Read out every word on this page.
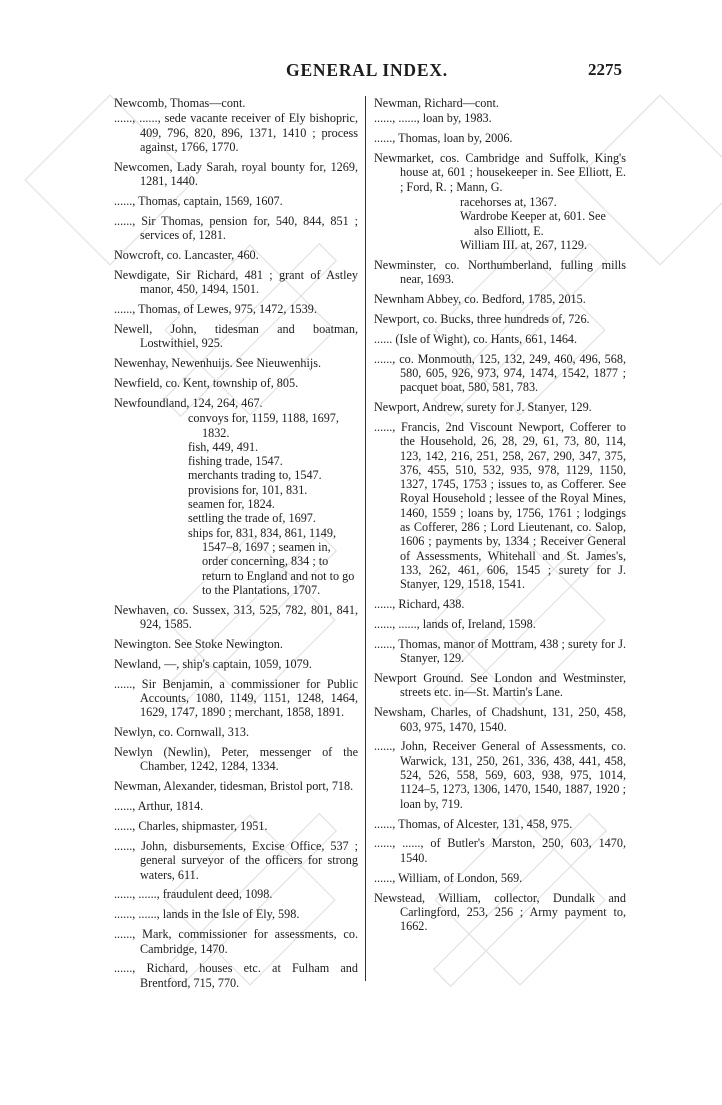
GENERAL INDEX.	2275

Newcomb, Thomas—cont.

......, ......, sede vacante receiver of Ely bishopric, 409, 796, 820, 896, 1371, 1410 ; process against, 1766, 1770.

Newcomen, Lady Sarah, royal bounty for, 1269, 1281, 1440.

......, Thomas, captain, 1569, 1607.

......, Sir Thomas, pension for, 540, 844, 851 ; services of, 1281.

Nowcroft, co. Lancaster, 460.

Newdigate, Sir Richard, 481 ; grant of Astley manor, 450, 1494, 1501.

......, Thomas, of Lewes, 975, 1472, 1539.

Newell, John, tidesman and boatman, Lostwithiel, 925.

Newenhay, Newenhuijs. See Nieuwenhijs.

Newfield, co. Kent, township of, 805.

Newfoundland, 124, 264, 467.

convoys for, 1159, 1188, 1697, 1832.

fish, 449, 491.

fishing trade, 1547.

merchants trading to, 1547.

provisions for, 101, 831.

seamen for, 1824.

settling the trade of, 1697.

ships for, 831, 834, 861, 1149, 1547–8, 1697 ; seamen in, order concerning, 834 ; to return to England and not to go to the Plantations, 1707.

Newhaven, co. Sussex, 313, 525, 782, 801, 841, 924, 1585.

Newington. See Stoke Newington.

Newland, —, ship's captain, 1059, 1079.

......, Sir Benjamin, a commissioner for Public Accounts, 1080, 1149, 1151, 1248, 1464, 1629, 1747, 1890 ; merchant, 1858, 1891.

Newlyn, co. Cornwall, 313.

Newlyn (Newlin), Peter, messenger of the Chamber, 1242, 1284, 1334.

Newman, Alexander, tidesman, Bristol port, 718.

......, Arthur, 1814.

......, Charles, shipmaster, 1951.

......, John, disbursements, Excise Office, 537 ; general surveyor of the officers for strong waters, 611.

......, ......, fraudulent deed, 1098.

......, ......, lands in the Isle of Ely, 598.

......, Mark, commissioner for assessments, co. Cambridge, 1470.

......, Richard, houses etc. at Fulham and Brentford, 715, 770.

Newman, Richard—cont.

......, ......, loan by, 1983.

......, Thomas, loan by, 2006.

Newmarket, cos. Cambridge and Suffolk, King's house at, 601 ; housekeeper in. See Elliott, E. ; Ford, R. ; Mann, G.

racehorses at, 1367.

Wardrobe Keeper at, 601. See also Elliott, E.

William III. at, 267, 1129.

Newminster, co. Northumberland, fulling mills near, 1693.

Newnham Abbey, co. Bedford, 1785, 2015.

Newport, co. Bucks, three hundreds of, 726.

...... (Isle of Wight), co. Hants, 661, 1464.

......, co. Monmouth, 125, 132, 249, 460, 496, 568, 580, 605, 926, 973, 974, 1474, 1542, 1877 ; pacquet boat, 580, 581, 783.

Newport, Andrew, surety for J. Stanyer, 129.

......, Francis, 2nd Viscount Newport, Cofferer to the Household, 26, 28, 29, 61, 73, 80, 114, 123, 142, 216, 251, 258, 267, 290, 347, 375, 376, 455, 510, 532, 935, 978, 1129, 1150, 1327, 1745, 1753 ; issues to, as Cofferer. See Royal Household ; lessee of the Royal Mines, 1460, 1559 ; loans by, 1756, 1761 ; lodgings as Cofferer, 286 ; Lord Lieutenant, co. Salop, 1606 ; payments by, 1334 ; Receiver General of Assessments, Whitehall and St. James's, 133, 262, 461, 606, 1545 ; surety for J. Stanyer, 129, 1518, 1541.

......, Richard, 438.

......, ......, lands of, Ireland, 1598.

......, Thomas, manor of Mottram, 438 ; surety for J. Stanyer, 129.

Newport Ground. See London and Westminster, streets etc. in—St. Martin's Lane.

Newsham, Charles, of Chadshunt, 131, 250, 458, 603, 975, 1470, 1540.

......, John, Receiver General of Assessments, co. Warwick, 131, 250, 261, 336, 438, 441, 458, 524, 526, 558, 569, 603, 938, 975, 1014, 1124–5, 1273, 1306, 1470, 1540, 1887, 1920 ; loan by, 719.

......, Thomas, of Alcester, 131, 458, 975.

......, ......, of Butler's Marston, 250, 603, 1470, 1540.

......, William, of London, 569.

Newstead, William, collector, Dundalk and Carlingford, 253, 256 ; Army payment to, 1662.
